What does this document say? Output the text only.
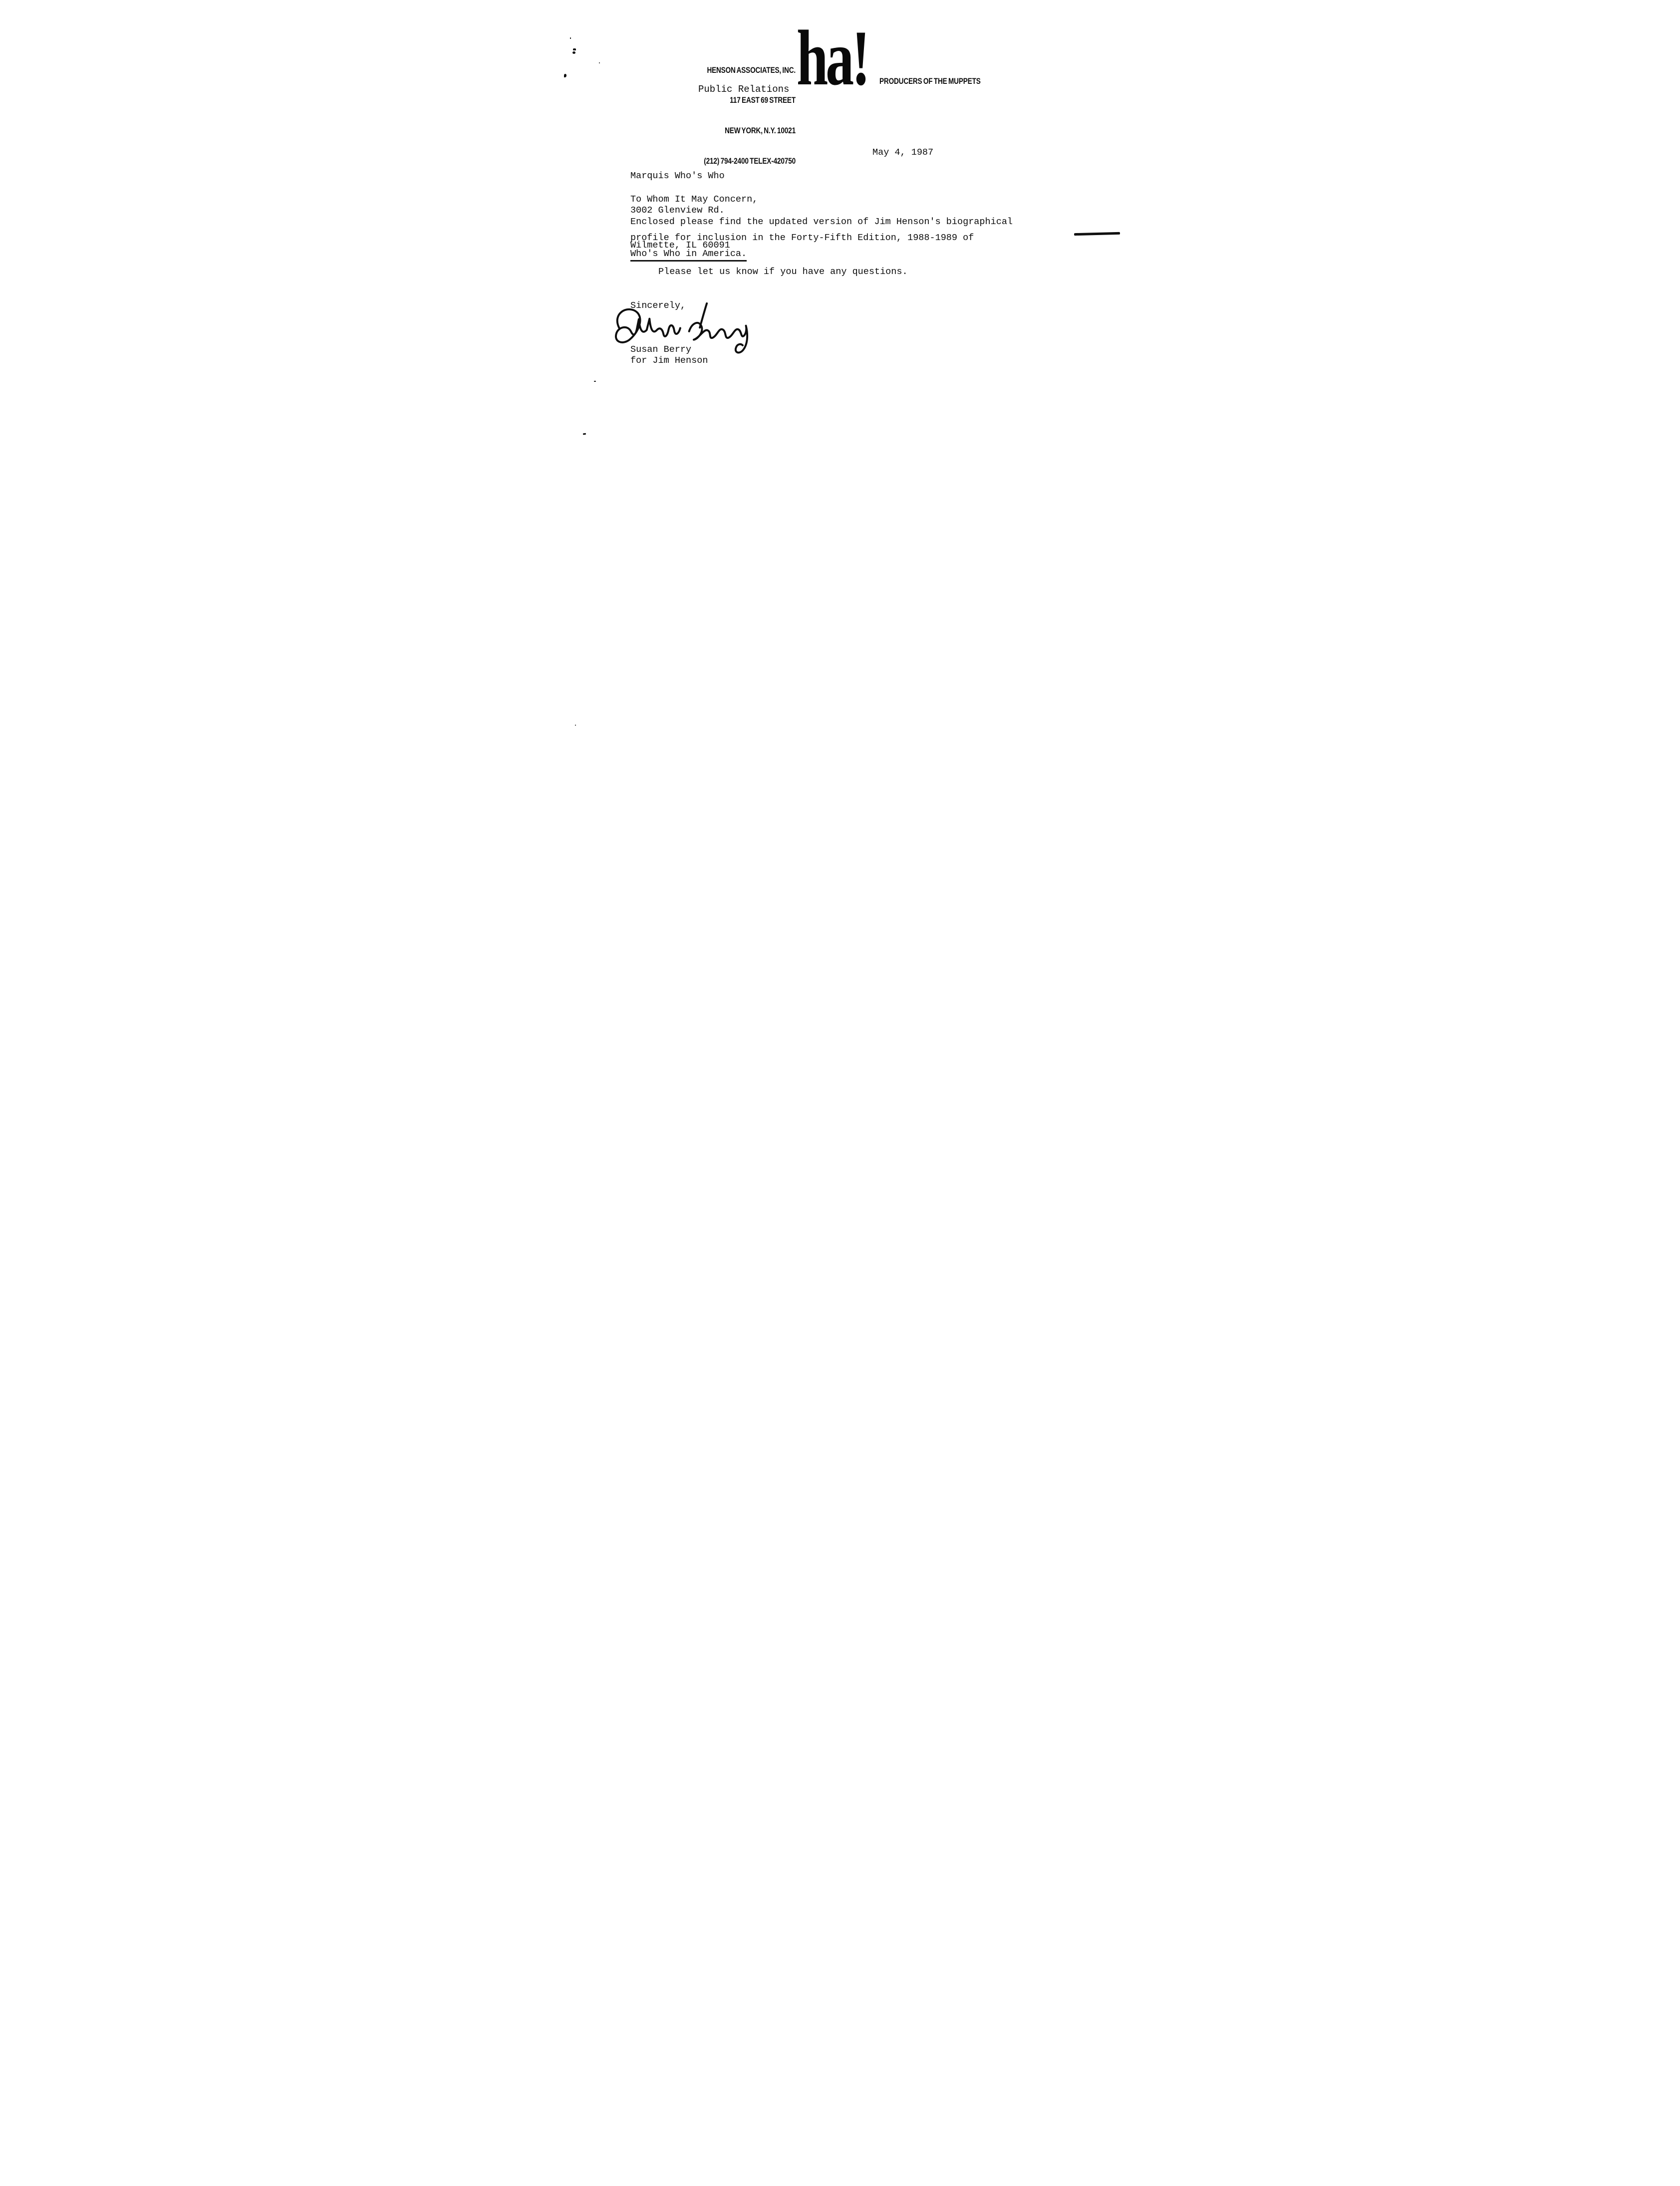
HENSON ASSOCIATES, INC.

117 EAST 69 STREET

NEW YORK, N.Y. 10021

(212) 794-2400 TELEX-420750

ha! PRODUCERS OF THE MUPPETS
Public Relations

Marquis Who's Who

3002 Glenview Rd.

Wilmette, IL 60091

May 4, 1987
To Whom It May Concern,
Enclosed please find the updated version of Jim Henson's biographical
profile for inclusion in the Forty-Fifth Edition, 1988-1989 of
Who's Who in America.
Please let us know if you have any questions.
Sincerely,
Susan Berry
for Jim Henson
